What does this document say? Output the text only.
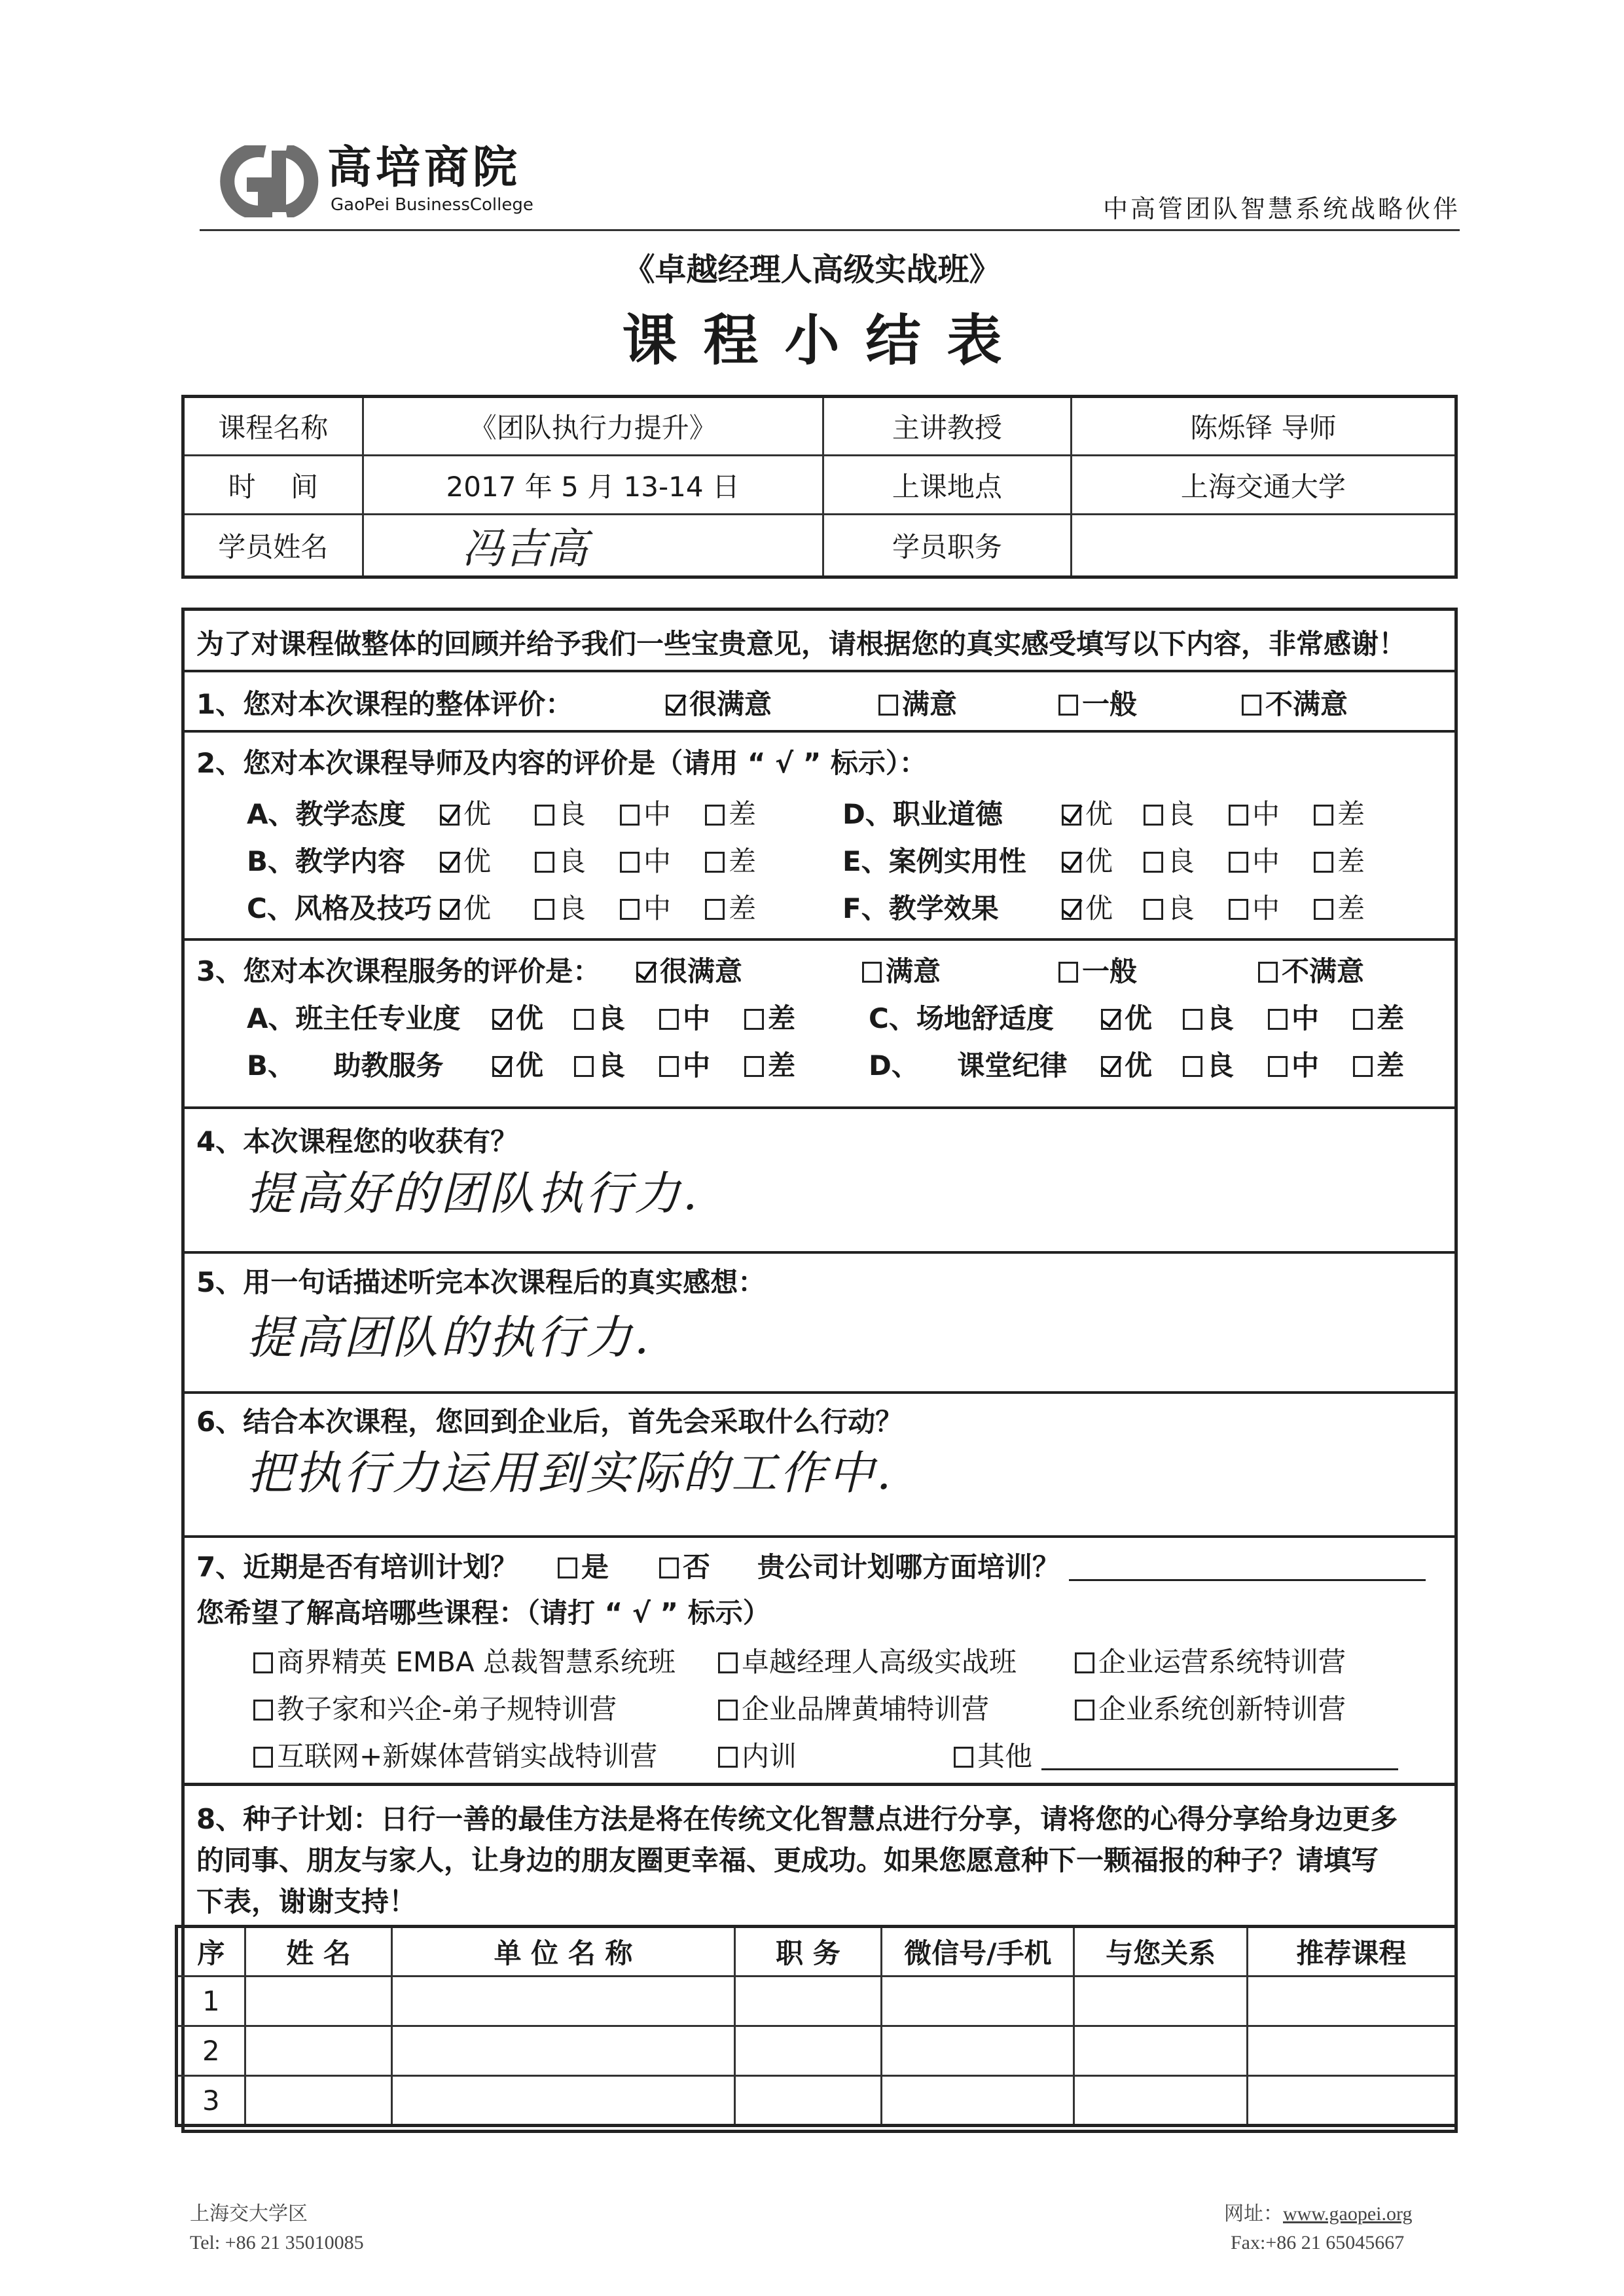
高培商院
GaoPei BusinessCollege	中高管团队智慧系统战略伙伴
《卓越经理人高级实战班》
课程小结表
课程名称	《团队执行力提升》	主讲教授	陈烁铎 导师
时    间	2017 年 5 月 13-14 日	上课地点	上海交通大学
学员姓名	冯吉高	学员职务	
为了对课程做整体的回顾并给予我们一些宝贵意见，请根据您的真实感受填写以下内容，非常感谢！
1、您对本次课程的整体评价：	很满意	满意	一般	不满意
2、您对本次课程导师及内容的评价是（请用 “ √ ” 标示）：
A、教学态度	优	良	中	差
B、教学内容	优	良	中	差
C、风格及技巧	优	良	中	差
D、职业道德	优	良	中	差
E、案例实用性	优	良	中	差
F、教学效果	优	良	中	差
3、您对本次课程服务的评价是：	很满意	满意	一般	不满意
A、班主任专业度	优	良	中	差
B、    助教服务	优	良	中	差
C、场地舒适度	优	良	中	差
D、    课堂纪律	优	良	中	差
4、本次课程您的收获有？
提高好的团队执行力.
5、用一句话描述听完本次课程后的真实感想：
提高团队的执行力.
6、结合本次课程，您回到企业后，首先会采取什么行动？
把执行力运用到实际的工作中.
7、近期是否有培训计划？	是	否 贵公司计划哪方面培训？
您希望了解高培哪些课程：（请打 “ √ ” 标示）
商界精英 EMBA 总裁智慧系统班	卓越经理人高级实战班	企业运营系统特训营
教子家和兴企-弟子规特训营	企业品牌黄埔特训营	企业系统创新特训营
互联网+新媒体营销实战特训营	内训	其他
8、种子计划：日行一善的最佳方法是将在传统文化智慧点进行分享，请将您的心得分享给身边更多
的同事、朋友与家人，让身边的朋友圈更幸福、更成功。如果您愿意种下一颗福报的种子？请填写
下表，谢谢支持！
序	姓 名	单 位 名 称	职 务	微信号/手机	与您关系	推荐课程
1						
2						
3						
上海交大学区
Tel: +86 21 35010085
网址：www.gaopei.org
Fax:+86 21 65045667
